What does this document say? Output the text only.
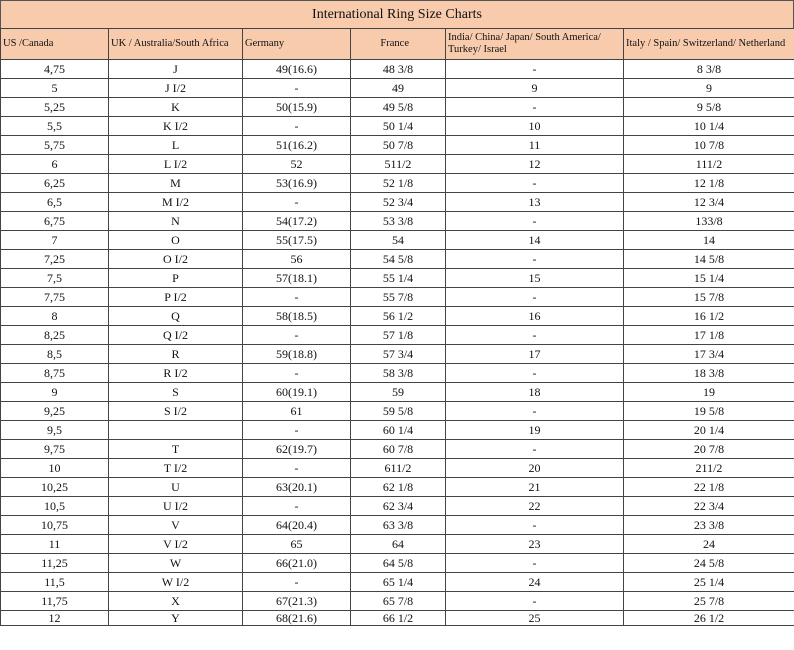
International Ring Size Charts
US /Canada	UK / Australia/South Africa	Germany	France	India/ China/ Japan/ South America/ Turkey/ Israel	Italy / Spain/ Switzerland/ Netherland
4,75	J	49(16.6)	48 3/8	-	8 3/8
5	J I/2	-	49	9	9
5,25	K	50(15.9)	49 5/8	-	9 5/8
5,5	K I/2	-	50 1/4	10	10 1/4
5,75	L	51(16.2)	50 7/8	11	10 7/8
6	L I/2	52	511/2	12	111/2
6,25	M	53(16.9)	52 1/8	-	12 1/8
6,5	M I/2	-	52 3/4	13	12 3/4
6,75	N	54(17.2)	53 3/8	-	133/8
7	O	55(17.5)	54	14	14
7,25	O I/2	56	54 5/8	-	14 5/8
7,5	P	57(18.1)	55 1/4	15	15 1/4
7,75	P I/2	-	55 7/8	-	15 7/8
8	Q	58(18.5)	56 1/2	16	16 1/2
8,25	Q I/2	-	57 1/8	-	17 1/8
8,5	R	59(18.8)	57 3/4	17	17 3/4
8,75	R I/2	-	58 3/8	-	18 3/8
9	S	60(19.1)	59	18	19
9,25	S I/2	61	59 5/8	-	19 5/8
9,5		-	60 1/4	19	20 1/4
9,75	T	62(19.7)	60 7/8	-	20 7/8
10	T I/2	-	611/2	20	211/2
10,25	U	63(20.1)	62 1/8	21	22 1/8
10,5	U I/2	-	62 3/4	22	22 3/4
10,75	V	64(20.4)	63 3/8	-	23 3/8
11	V I/2	65	64	23	24
11,25	W	66(21.0)	64 5/8	-	24 5/8
11,5	W I/2	-	65 1/4	24	25 1/4
11,75	X	67(21.3)	65 7/8	-	25 7/8
12	Y	68(21.6)	66 1/2	25	26 1/2
